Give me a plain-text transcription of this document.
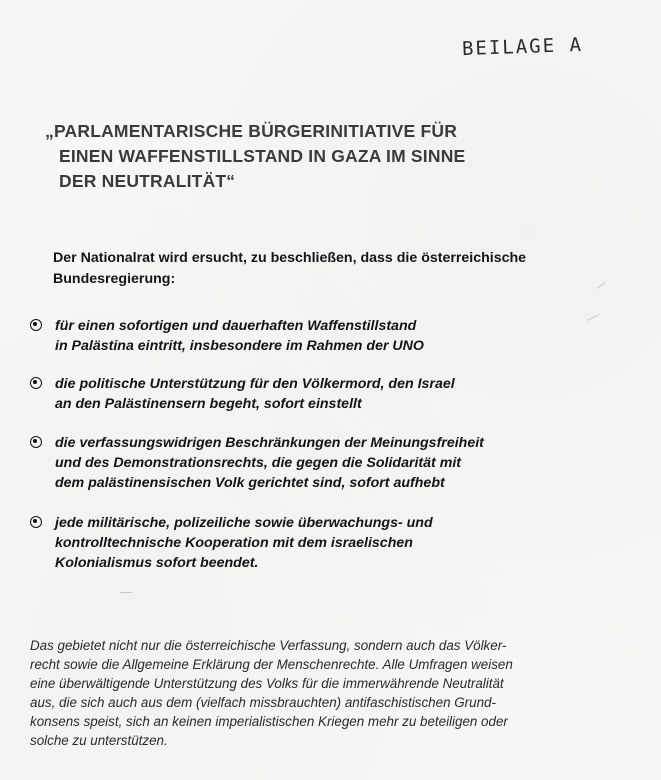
BEILAGE A
„PARLAMENTARISCHE BÜRGERINITIATIVE FÜR
EINEN WAFFENSTILLSTAND IN GAZA IM SINNE
DER NEUTRALITÄT“
Der Nationalrat wird ersucht, zu beschließen, dass die österreichische
Bundesregierung:
für einen sofortigen und dauerhaften Waffenstillstand
in Palästina eintritt, insbesondere im Rahmen der UNO
die politische Unterstützung für den Völkermord, den Israel
an den Palästinensern begeht, sofort einstellt
die verfassungswidrigen Beschränkungen der Meinungsfreiheit
und des Demonstrationsrechts, die gegen die Solidarität mit
dem palästinensischen Volk gerichtet sind, sofort aufhebt
jede militärische, polizeiliche sowie überwachungs- und
kontrolltechnische Kooperation mit dem israelischen
Kolonialismus sofort beendet.
Das gebietet nicht nur die österreichische Verfassung, sondern auch das Völker-
recht sowie die Allgemeine Erklärung der Menschenrechte. Alle Umfragen weisen
eine überwältigende Unterstützung des Volks für die immerwährende Neutralität
aus, die sich auch aus dem (vielfach missbrauchten) antifaschistischen Grund-
konsens speist, sich an keinen imperialistischen Kriegen mehr zu beteiligen oder
solche zu unterstützen.
